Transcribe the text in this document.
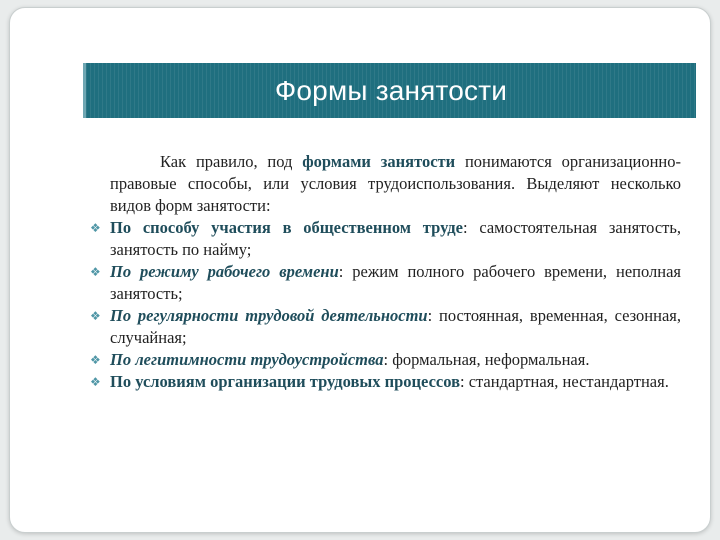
Формы занятости

Как правило, под формами занятости понимаются организационно-правовые способы, или условия трудоиспользования. Выделяют несколько видов форм занятости:

❖ По способу участия в общественном труде: самостоятельная занятость, занятость по найму;
❖ По режиму рабочего времени: режим полного рабочего времени, неполная занятость;
❖ По регулярности трудовой деятельности: постоянная, временная, сезонная, случайная;
❖ По легитимности трудоустройства: формальная, неформальная.
❖ По условиям организации трудовых процессов: стандартная, нестандартная.
